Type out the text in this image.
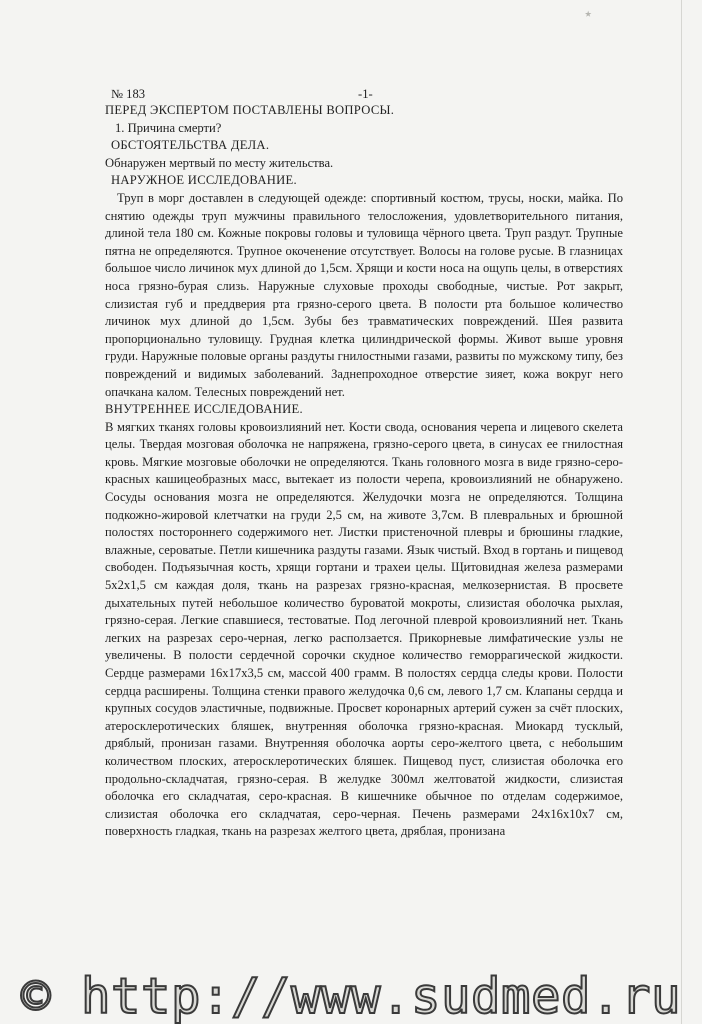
٭
№ 183	-1-
ПЕРЕД ЭКСПЕРТОМ ПОСТАВЛЕНЫ ВОПРОСЫ.
1. Причина смерти?
ОБСТОЯТЕЛЬСТВА ДЕЛА.
Обнаружен мертвый по месту жительства.
НАРУЖНОЕ ИССЛЕДОВАНИЕ.
Труп в морг доставлен в следующей одежде: спортивный костюм, трусы, носки, майка. По снятию одежды труп мужчины правильного телосложения, удовлетворительного питания, длиной тела 180 см. Кожные покровы головы и туловища чёрного цвета. Труп раздут. Трупные пятна не определяются. Трупное окоченение отсутствует. Волосы на голове русые. В глазницах большое число личинок мух длиной до 1,5см. Хрящи и кости носа на ощупь целы, в отверстиях носа грязно-бурая слизь. Наружные слуховые проходы свободные, чистые. Рот закрыт, слизистая губ и преддверия рта грязно-серого цвета. В полости рта большое количество личинок мух длиной до 1,5см. Зубы без травматических повреждений. Шея развита пропорционально туловищу. Грудная клетка цилиндрической формы. Живот выше уровня груди. Наружные половые органы раздуты гнилостными газами, развиты по мужскому типу, без повреждений и видимых заболеваний. Заднепроходное отверстие зияет, кожа вокруг него опачкана калом. Телесных повреждений нет.
ВНУТРЕННЕЕ ИССЛЕДОВАНИЕ.
В мягких тканях головы кровоизлияний нет. Кости свода, основания черепа и лицевого скелета целы. Твердая мозговая оболочка не напряжена, грязно-серого цвета, в синусах ее гнилостная кровь. Мягкие мозговые оболочки не определяются. Ткань головного мозга в виде грязно-серо-красных кашицеобразных масс, вытекает из полости черепа, кровоизлияний не обнаружено. Сосуды основания мозга не определяются. Желудочки мозга не определяются. Толщина подкожно-жировой клетчатки на груди 2,5 см, на животе 3,7см. В плевральных и брюшной полостях постороннего содержимого нет. Листки пристеночной плевры и брюшины гладкие, влажные, сероватые. Петли кишечника раздуты газами. Язык чистый. Вход в гортань и пищевод свободен. Подъязычная кость, хрящи гортани и трахеи целы. Щитовидная железа размерами 5х2х1,5 см каждая доля, ткань на разрезах грязно-красная, мелкозернистая. В просвете дыхательных путей небольшое количество буроватой мокроты, слизистая оболочка рыхлая, грязно-серая. Легкие спавшиеся, тестоватые. Под легочной плеврой кровоизлияний нет. Ткань легких на разрезах серо-черная, легко расползается. Прикорневые лимфатические узлы не увеличены. В полости сердечной сорочки скудное количество геморрагической жидкости. Сердце размерами 16х17х3,5 см, массой 400 грамм. В полостях сердца следы крови. Полости сердца расширены. Толщина стенки правого желудочка 0,6 см, левого 1,7 см. Клапаны сердца и крупных сосудов эластичные, подвижные. Просвет коронарных артерий сужен за счёт плоских, атеросклеротических бляшек, внутренняя оболочка грязно-красная. Миокард тусклый, дряблый, пронизан газами. Внутренняя оболочка аорты серо-желтого цвета, с небольшим количеством плоских, атеросклеротических бляшек. Пищевод пуст, слизистая оболочка его продольно-складчатая, грязно-серая. В желудке 300мл желтоватой жидкости, слизистая оболочка его складчатая, серо-красная. В кишечнике обычное по отделам содержимое, слизистая оболочка его складчатая, серо-черная. Печень размерами 24х16х10х7 см, поверхность гладкая, ткань на разрезах желтого цвета, дряблая, пронизана
© http://www.sudmed.ru
